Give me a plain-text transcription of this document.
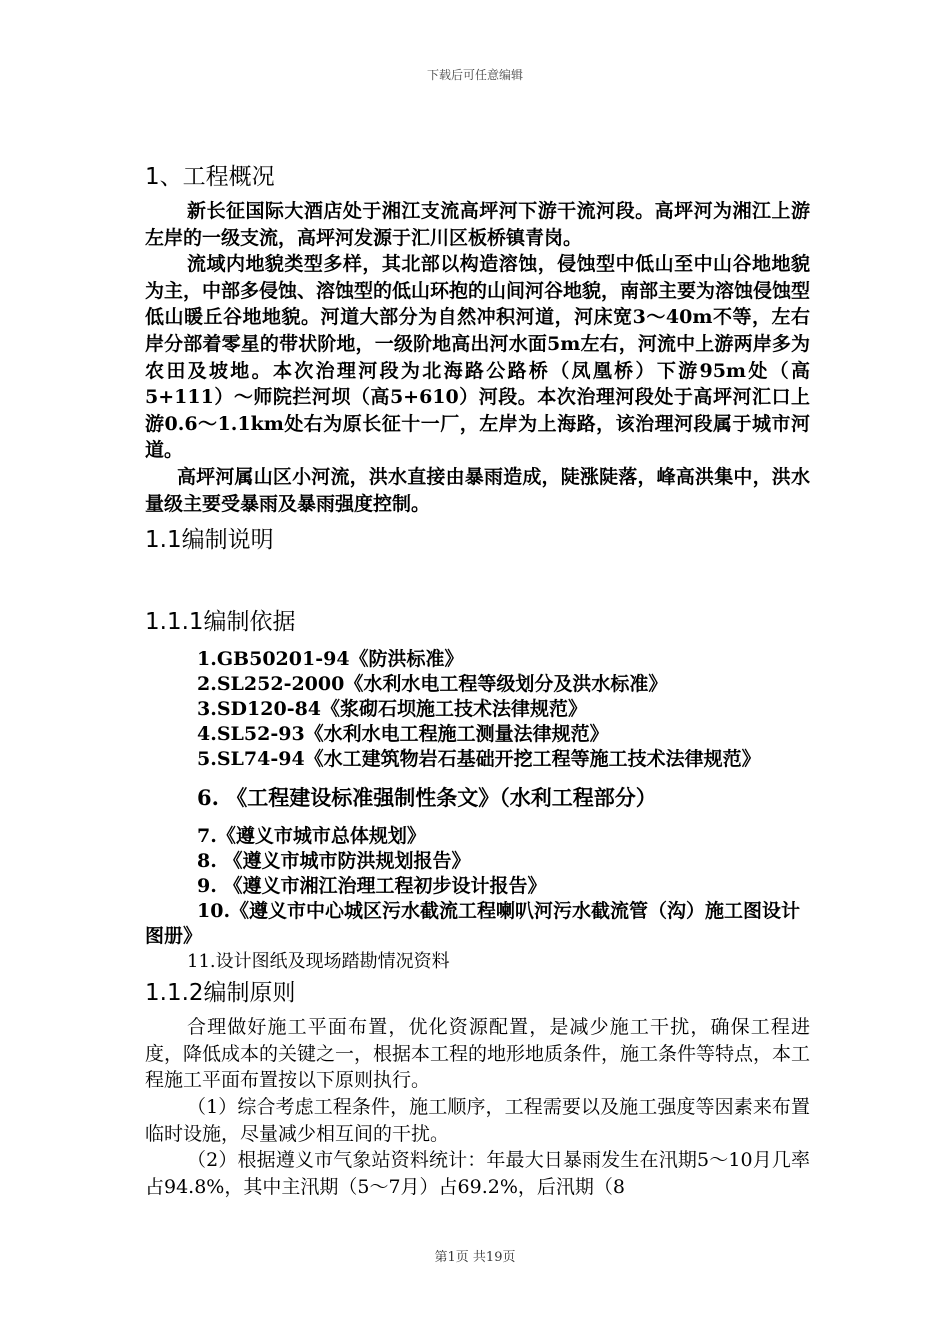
下载后可任意编辑
1、工程概况

新长征国际大酒店处于湘江支流高坪河下游干流河段。高坪河为湘江上游左岸的一级支流，高坪河发源于汇川区板桥镇青岗。

流域内地貌类型多样，其北部以构造溶蚀，侵蚀型中低山至中山谷地地貌为主，中部多侵蚀、溶蚀型的低山环抱的山间河谷地貌，南部主要为溶蚀侵蚀型低山暖丘谷地地貌。河道大部分为自然冲积河道，河床宽3～40m不等，左右岸分部着零星的带状阶地，一级阶地高出河水面5m左右，河流中上游两岸多为农田及坡地。本次治理河段为北海路公路桥（凤凰桥）下游95m处（高5+111）～师院拦河坝（高5+610）河段。本次治理河段处于高坪河汇口上游0.6～1.1km处右为原长征十一厂，左岸为上海路，该治理河段属于城市河道。

高坪河属山区小河流，洪水直接由暴雨造成，陡涨陡落，峰高洪集中，洪水量级主要受暴雨及暴雨强度控制。

1.1编制说明
1.1.1编制依据

1.GB50201-94《防洪标准》

2.SL252-2000《水利水电工程等级划分及洪水标准》

3.SD120-84《浆砌石坝施工技术法律规范》

4.SL52-93《水利水电工程施工测量法律规范》

5.SL74-94《水工建筑物岩石基础开挖工程等施工技术法律规范》

6. 《工程建设标准强制性条文》（水利工程部分）

7.《遵义市城市总体规划》

8. 《遵义市城市防洪规划报告》

9. 《遵义市湘江治理工程初步设计报告》

10.《遵义市中心城区污水截流工程喇叭河污水截流管（沟）施工图设计图册》

11.设计图纸及现场踏勘情况资料

1.1.2编制原则

合理做好施工平面布置，优化资源配置，是减少施工干扰，确保工程进度，降低成本的关键之一，根据本工程的地形地质条件，施工条件等特点，本工程施工平面布置按以下原则执行。

（1）综合考虑工程条件，施工顺序，工程需要以及施工强度等因素来布置临时设施，尽量减少相互间的干扰。

（2）根据遵义市气象站资料统计：年最大日暴雨发生在汛期5～10月几率占94.8%，其中主汛期（5～7月）占69.2%，后汛期（8

第1页 共19页
